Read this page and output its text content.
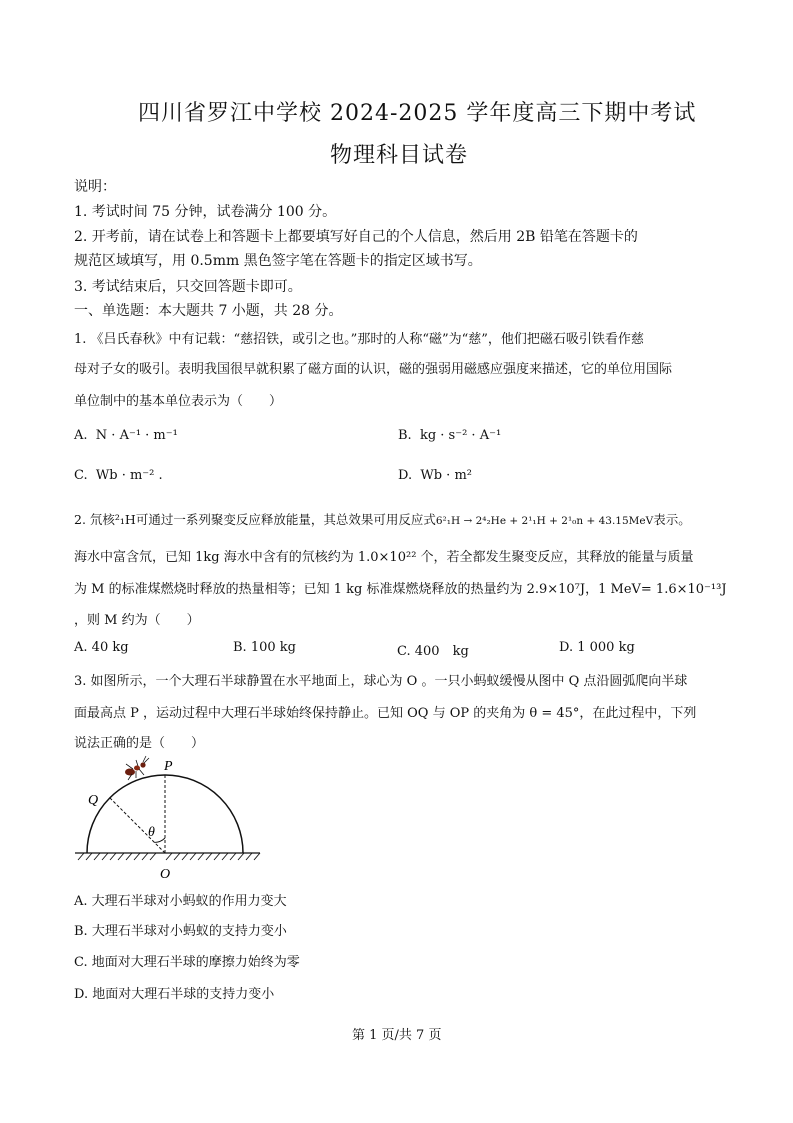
四川省罗江中学校 2024-2025 学年度高三下期中考试
物理科目试卷
说明：
1. 考试时间 75 分钟，试卷满分 100 分。
2. 开考前，请在试卷上和答题卡上都要填写好自己的个人信息，然后用 2B 铅笔在答题卡的
规范区域填写，用 0.5mm 黑色签字笔在答题卡的指定区域书写。
3. 考试结束后，只交回答题卡即可。
一、单选题：本大题共 7 小题，共 28 分。
1. 《吕氏春秋》中有记载：“慈招铁，或引之也。”那时的人称“磁”为“慈”，他们把磁石吸引铁看作慈
母对子女的吸引。表明我国很早就积累了磁方面的认识，磁的强弱用磁感应强度来描述，它的单位用国际
单位制中的基本单位表示为（　　）
A. N · A⁻¹ · m⁻¹	B. kg · s⁻² · A⁻¹
C. Wb · m⁻² .	D. Wb · m²
2. 氘核²₁H可通过一系列聚变反应释放能量，其总效果可用反应式6²₁H → 2⁴₂He + 2¹₁H + 2¹₀n + 43.15MeV表示。
海水中富含氘，已知 1kg 海水中含有的氘核约为 1.0×10²² 个，若全都发生聚变反应，其释放的能量与质量
为 M 的标准煤燃烧时释放的热量相等；已知 1 kg 标准煤燃烧释放的热量约为 2.9×10⁷J，1 MeV= 1.6×10⁻¹³J
，则 M 约为（　　）
A. 40 kg	B. 100 kg	C. 400　kg	D. 1 000 kg
3. 如图所示，一个大理石半球静置在水平地面上，球心为 O 。一只小蚂蚁缓慢从图中 Q 点沿圆弧爬向半球
面最高点 P ，运动过程中大理石半球始终保持静止。已知 OQ 与 OP 的夹角为 θ = 45°，在此过程中，下列
说法正确的是（　　）
P
Q
θ
O
A. 大理石半球对小蚂蚁的作用力变大
B. 大理石半球对小蚂蚁的支持力变小
C. 地面对大理石半球的摩擦力始终为零
D. 地面对大理石半球的支持力变小
第 1 页/共 7 页
